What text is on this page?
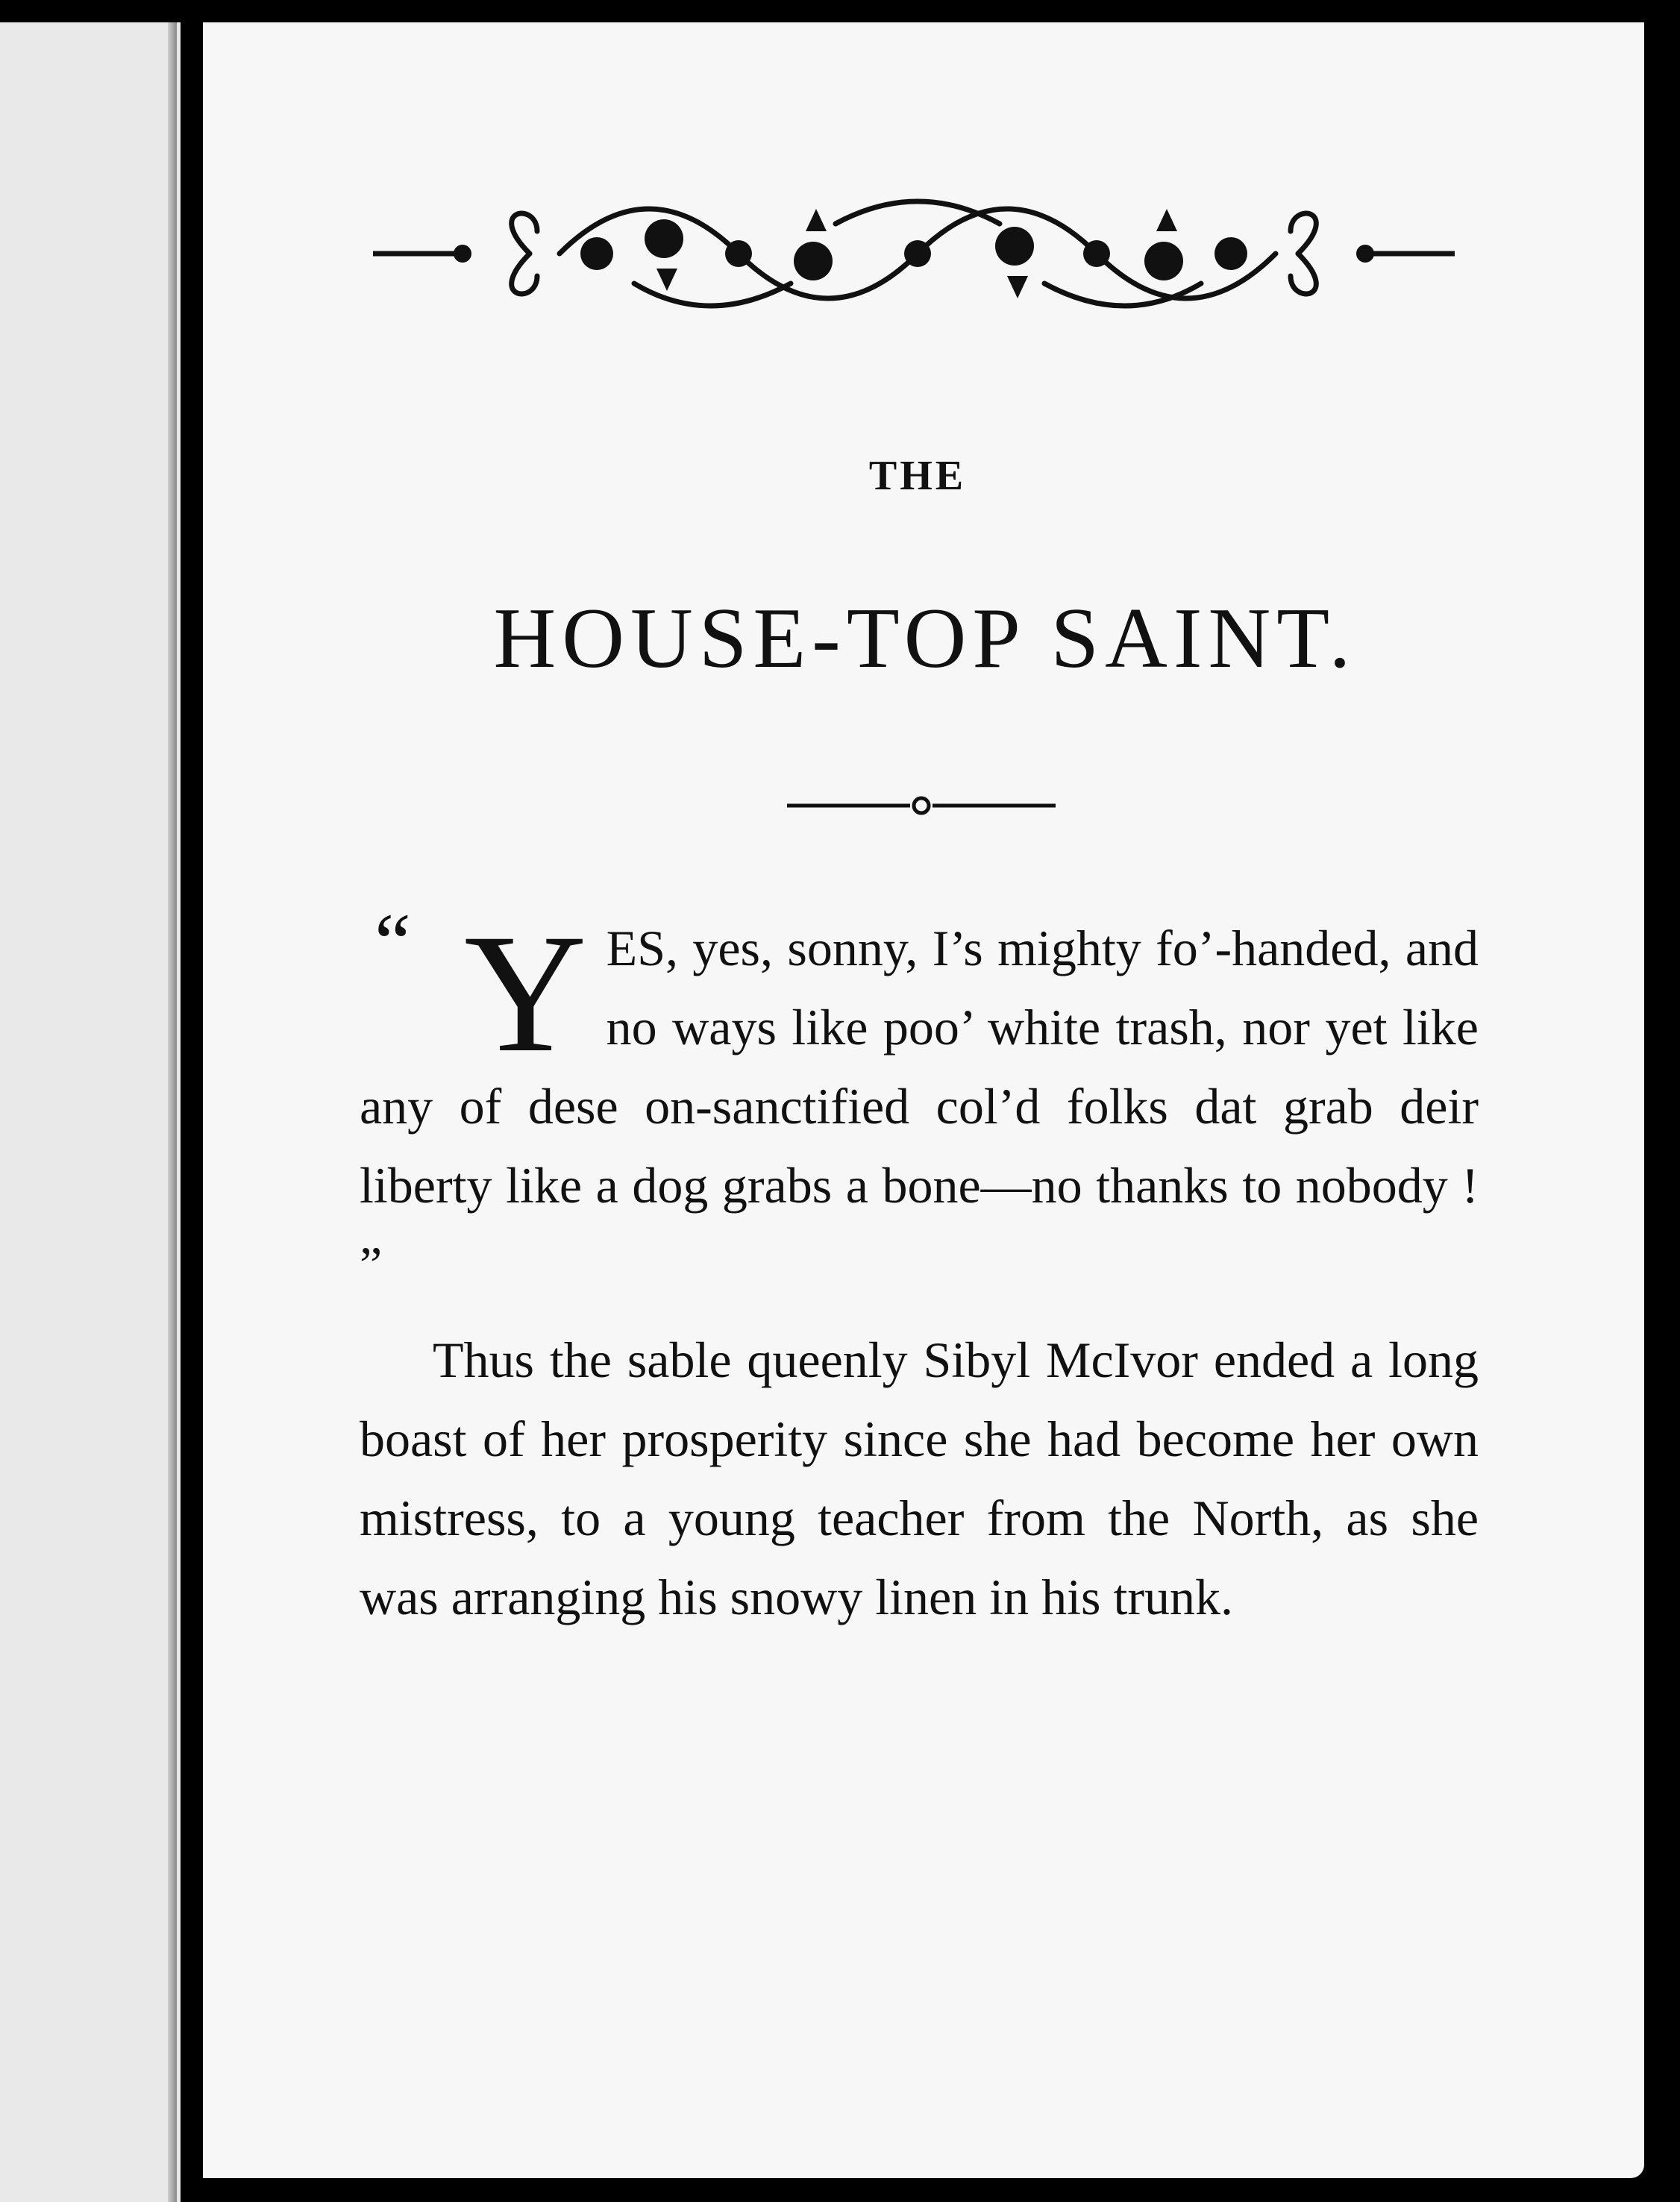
THE
HOUSE-TOP SAINT.

“ Y ES, yes, sonny, I’s mighty fo’-handed, and no ways like poo’ white trash, nor yet like any of dese on-sanctified col’d folks dat grab deir liberty like a dog grabs a bone—no thanks to nobody ! ”

Thus the sable queenly Sibyl McIvor ended a long boast of her prosperity since she had become her own mistress, to a young teacher from the North, as she was arranging his snowy linen in his trunk.
